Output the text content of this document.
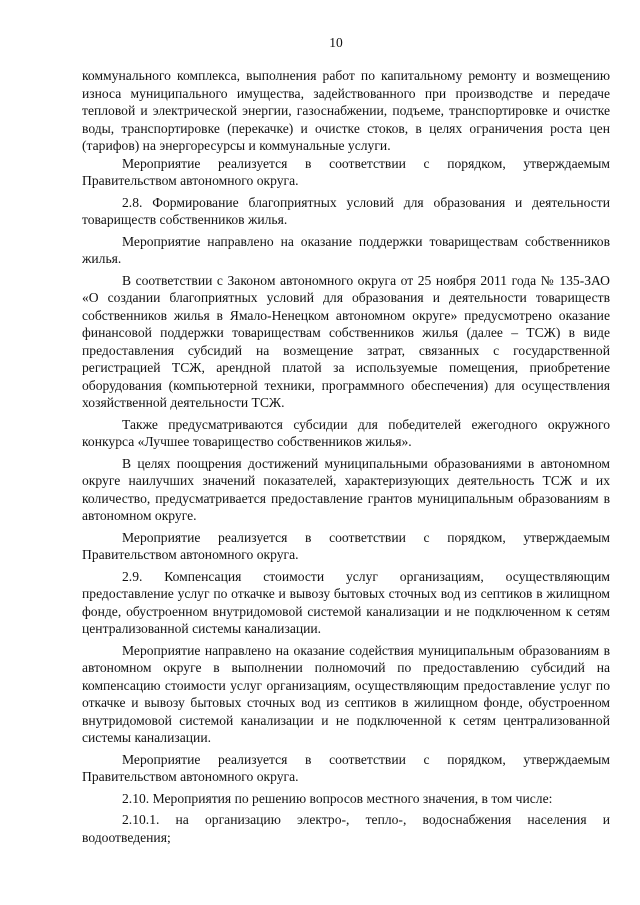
10

коммунального комплекса, выполнения работ по капитальному ремонту и возмещению износа муниципального имущества, задействованного при производстве и передаче тепловой и электрической энергии, газоснабжении, подъеме, транспортировке и очистке воды, транспортировке (перекачке) и очистке стоков, в целях ограничения роста цен (тарифов) на энергоресурсы и коммунальные услуги.

Мероприятие реализуется в соответствии с порядком, утверждаемым Правительством автономного округа.

2.8. Формирование благоприятных условий для образования и деятельности товариществ собственников жилья.

Мероприятие направлено на оказание поддержки товариществам собственников жилья.

В соответствии с Законом автономного округа от 25 ноября 2011 года № 135-ЗАО «О создании благоприятных условий для образования и деятельности товариществ собственников жилья в Ямало-Ненецком автономном округе» предусмотрено оказание финансовой поддержки товариществам собственников жилья (далее – ТСЖ) в виде предоставления субсидий на возмещение затрат, связанных с государственной регистрацией ТСЖ, арендной платой за используемые помещения, приобретение оборудования (компьютерной техники, программного обеспечения) для осуществления хозяйственной деятельности ТСЖ.

Также предусматриваются субсидии для победителей ежегодного окружного конкурса «Лучшее товарищество собственников жилья».

В целях поощрения достижений муниципальными образованиями в автономном округе наилучших значений показателей, характеризующих деятельность ТСЖ и их количество, предусматривается предоставление грантов муниципальным образованиям в автономном округе.

Мероприятие реализуется в соответствии с порядком, утверждаемым Правительством автономного округа.

2.9. Компенсация стоимости услуг организациям, осуществляющим предоставление услуг по откачке и вывозу бытовых сточных вод из септиков в жилищном фонде, обустроенном внутридомовой системой канализации и не подключенном к сетям централизованной системы канализации.

Мероприятие направлено на оказание содействия муниципальным образованиям в автономном округе в выполнении полномочий по предоставлению субсидий на компенсацию стоимости услуг организациям, осуществляющим предоставление услуг по откачке и вывозу бытовых сточных вод из септиков в жилищном фонде, обустроенном внутридомовой системой канализации и не подключенной к сетям централизованной системы канализации.

Мероприятие реализуется в соответствии с порядком, утверждаемым Правительством автономного округа.

2.10. Мероприятия по решению вопросов местного значения, в том числе:

2.10.1. на организацию электро-, тепло-, водоснабжения населения и водоотведения;
